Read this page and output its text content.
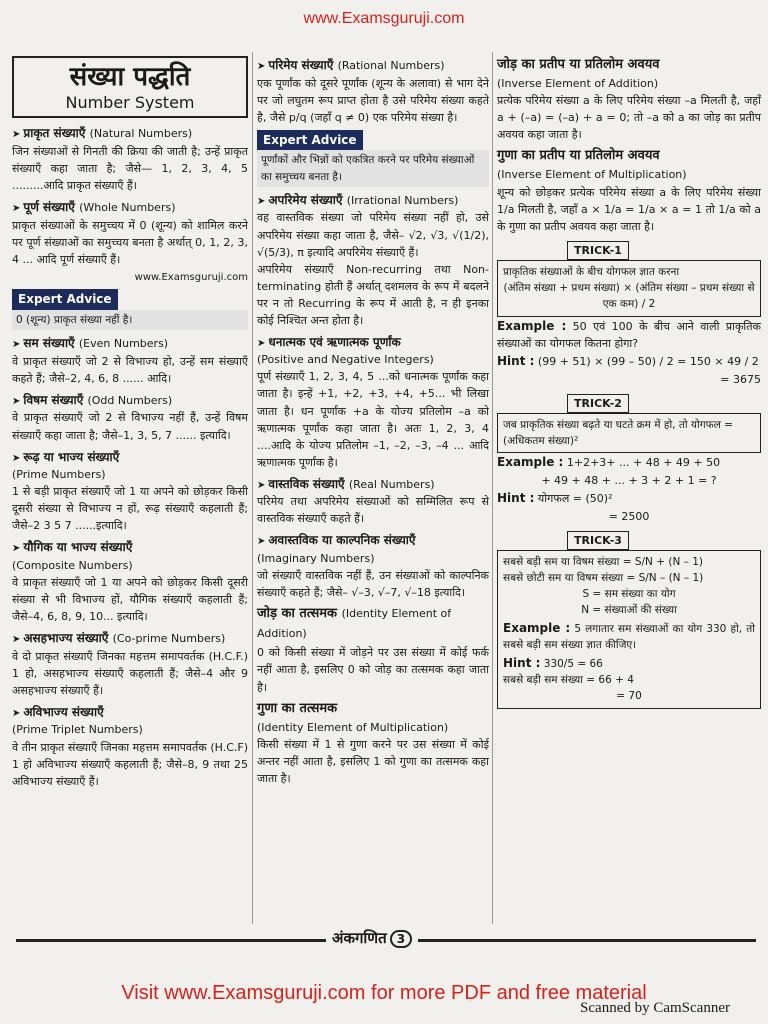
www.Examsguruji.com
संख्या पद्धति
Number System
➤ प्राकृत संख्याएँ (Natural Numbers)

जिन संख्याओं से गिनती की क्रिया की जाती है; उन्हें प्राकृत संख्याएँ कहा जाता है; जैसे— 1, 2, 3, 4, 5 .........आदि प्राकृत संख्याएँ हैं।

➤ पूर्ण संख्याएँ (Whole Numbers)

प्राकृत संख्याओं के समुच्चय में 0 (शून्य) को शामिल करने पर पूर्ण संख्याओं का समुच्चय बनता है अर्थात् 0, 1, 2, 3, 4 ... आदि पूर्ण संख्याएँ हैं।

www.Examsguruji.com
Expert Advice
0 (शून्य) प्राकृत संख्या नहीं है।
➤ सम संख्याएँ (Even Numbers)

वे प्राकृत संख्याएँ जो 2 से विभाज्य हो, उन्हें सम संख्याएँ कहते हैं; जैसे–2, 4, 6, 8 ...... आदि।

➤ विषम संख्याएँ (Odd Numbers)

वे प्राकृत संख्याएँ जो 2 से विभाज्य नहीं हैं, उन्हें विषम संख्याएँ कहा जाता है; जैसे–1, 3, 5, 7 ...... इत्यादि।

➤ रूढ़ या भाज्य संख्याएँ
(Prime Numbers)

1 से बड़ी प्राकृत संख्याएँ जो 1 या अपने को छोड़कर किसी दूसरी संख्या से विभाज्य न हों, रूढ़ संख्याएँ कहलाती हैं; जैसे–2 3 5 7 ......इत्यादि।

➤ यौगिक या भाज्य संख्याएँ
(Composite Numbers)

वे प्राकृत संख्याएँ जो 1 या अपने को छोड़कर किसी दूसरी संख्या से भी विभाज्य हों, यौगिक संख्याएँ कहलाती हैं; जैसे–4, 6, 8, 9, 10... इत्यादि।

➤ असहभाज्य संख्याएँ (Co-prime Numbers)

वे दो प्राकृत संख्याएँ जिनका महत्तम समापवर्तक (H.C.F.) 1 हो, असहभाज्य संख्याएँ कहलाती हैं; जैसे–4 और 9 असहभाज्य संख्याएँ हैं।

➤ अविभाज्य संख्याएँ
(Prime Triplet Numbers)

वे तीन प्राकृत संख्याएँ जिनका महत्तम समापवर्तक (H.C.F) 1 हो अविभाज्य संख्याएँ कहलाती हैं; जैसे–8, 9 तथा 25 अविभाज्य संख्याएँ हैं।

➤ परिमेय संख्याएँ (Rational Numbers)

एक पूर्णांक को दूसरे पूर्णांक (शून्य के अलावा) से भाग देने पर जो लघुतम रूप प्राप्त होता है उसे परिमेय संख्या कहते है, जैसे p/q (जहाँ q ≠ 0) एक परिमेय संख्या है।

Expert Advice
पूर्णांकों और भिन्नों को एकत्रित करने पर परिमेय संख्याओं का समुच्चय बनता है।
➤ अपरिमेय संख्याएँ (Irrational Numbers)

वह वास्तविक संख्या जो परिमेय संख्या नहीं हो, उसे अपरिमेय संख्या कहा जाता है, जैसे– √2, √3, √(1/2), √(5/3), π इत्यादि अपरिमेय संख्याएँ हैं।

अपरिमेय संख्याएँ Non-recurring तथा Non-terminating होती हैं अर्थात् दशमलव के रूप में बदलने पर न तो Recurring के रूप में आती है, न ही इनका कोई निश्चित अन्त होता है।

➤ धनात्मक एवं ऋणात्मक पूर्णांक
(Positive and Negative Integers)

पूर्ण संख्याएँ 1, 2, 3, 4, 5 ...को धनात्मक पूर्णांक कहा जाता है। इन्हें +1, +2, +3, +4, +5... भी लिखा जाता है। धन पूर्णांक +a के योज्य प्रतिलोम –a को ऋणात्मक पूर्णांक कहा जाता है। अतः 1, 2, 3, 4 ....आदि के योज्य प्रतिलोम –1, –2, –3, –4 ... आदि ऋणात्मक पूर्णांक है।

➤ वास्तविक संख्याएँ (Real Numbers)

परिमेय तथा अपरिमेय संख्याओं को सम्मिलित रूप से वास्तविक संख्याएँ कहते हैं।

➤ अवास्तविक या काल्पनिक संख्याएँ
(Imaginary Numbers)

जो संख्याएँ वास्तविक नहीं हैं, उन संख्याओं को काल्पनिक संख्याएँ कहते हैं; जैसे– √–3, √–7, √–18 इत्यादि।

जोड़ का तत्समक (Identity Element of Addition)

0 को किसी संख्या में जोड़ने पर उस संख्या में कोई फर्क नहीं आता है, इसलिए 0 को जोड़ का तत्समक कहा जाता है।

गुणा का तत्समक
(Identity Element of Multiplication)

किसी संख्या में 1 से गुणा करने पर उस संख्या में कोई अन्तर नहीं आता है, इसलिए 1 को गुणा का तत्समक कहा जाता है।

जोड़ का प्रतीप या प्रतिलोम अवयव
(Inverse Element of Addition)

प्रत्येक परिमेय संख्या a के लिए परिमेय संख्या –a मिलती है, जहाँ a + (–a) = (–a) + a = 0; तो –a को a का जोड़ का प्रतीप अवयव कहा जाता है।

गुणा का प्रतीप या प्रतिलोम अवयव
(Inverse Element of Multiplication)

शून्य को छोड़कर प्रत्येक परिमेय संख्या a के लिए परिमेय संख्या 1/a मिलती है, जहाँ a × 1/a = 1/a × a = 1 तो 1/a को a के गुणा का प्रतीप अवयव कहा जाता है।

TRICK-1
प्राकृतिक संख्याओं के बीच योगफल ज्ञात करना
(अंतिम संख्या + प्रथम संख्या) × (अंतिम संख्या – प्रथम संख्या से एक कम) / 2

Example : 50 एवं 100 के बीच आने वाली प्राकृतिक संख्याओं का योगफल कितना होगा?

Hint : (99 + 51) × (99 – 50) / 2 = 150 × 49 / 2

= 3675

TRICK-2
जब प्राकृतिक संख्या बढ़ते या घटते क्रम में हो, तो योगफल = (अधिकतम संख्या)²

Example : 1+2+3+ ... + 48 + 49 + 50

+ 49 + 48 + ... + 3 + 2 + 1 = ?

Hint : योगफल = (50)²

= 2500

TRICK-3
सबसे बड़ी सम या विषम संख्या = S/N + (N – 1)
सबसे छोटी सम या विषम संख्या = S/N – (N – 1)
S = सम संख्या का योग
N = संख्याओं की संख्या

Example : 5 लगातार सम संख्याओं का योग 330 हो, तो सबसे बड़ी सम संख्या ज्ञात कीजिए।

Hint : 330/5 = 66

सबसे बड़ी सम संख्या = 66 + 4

= 70

अंकगणित 3
Visit www.Examsguruji.com for more PDF and free material
Scanned by CamScanner
